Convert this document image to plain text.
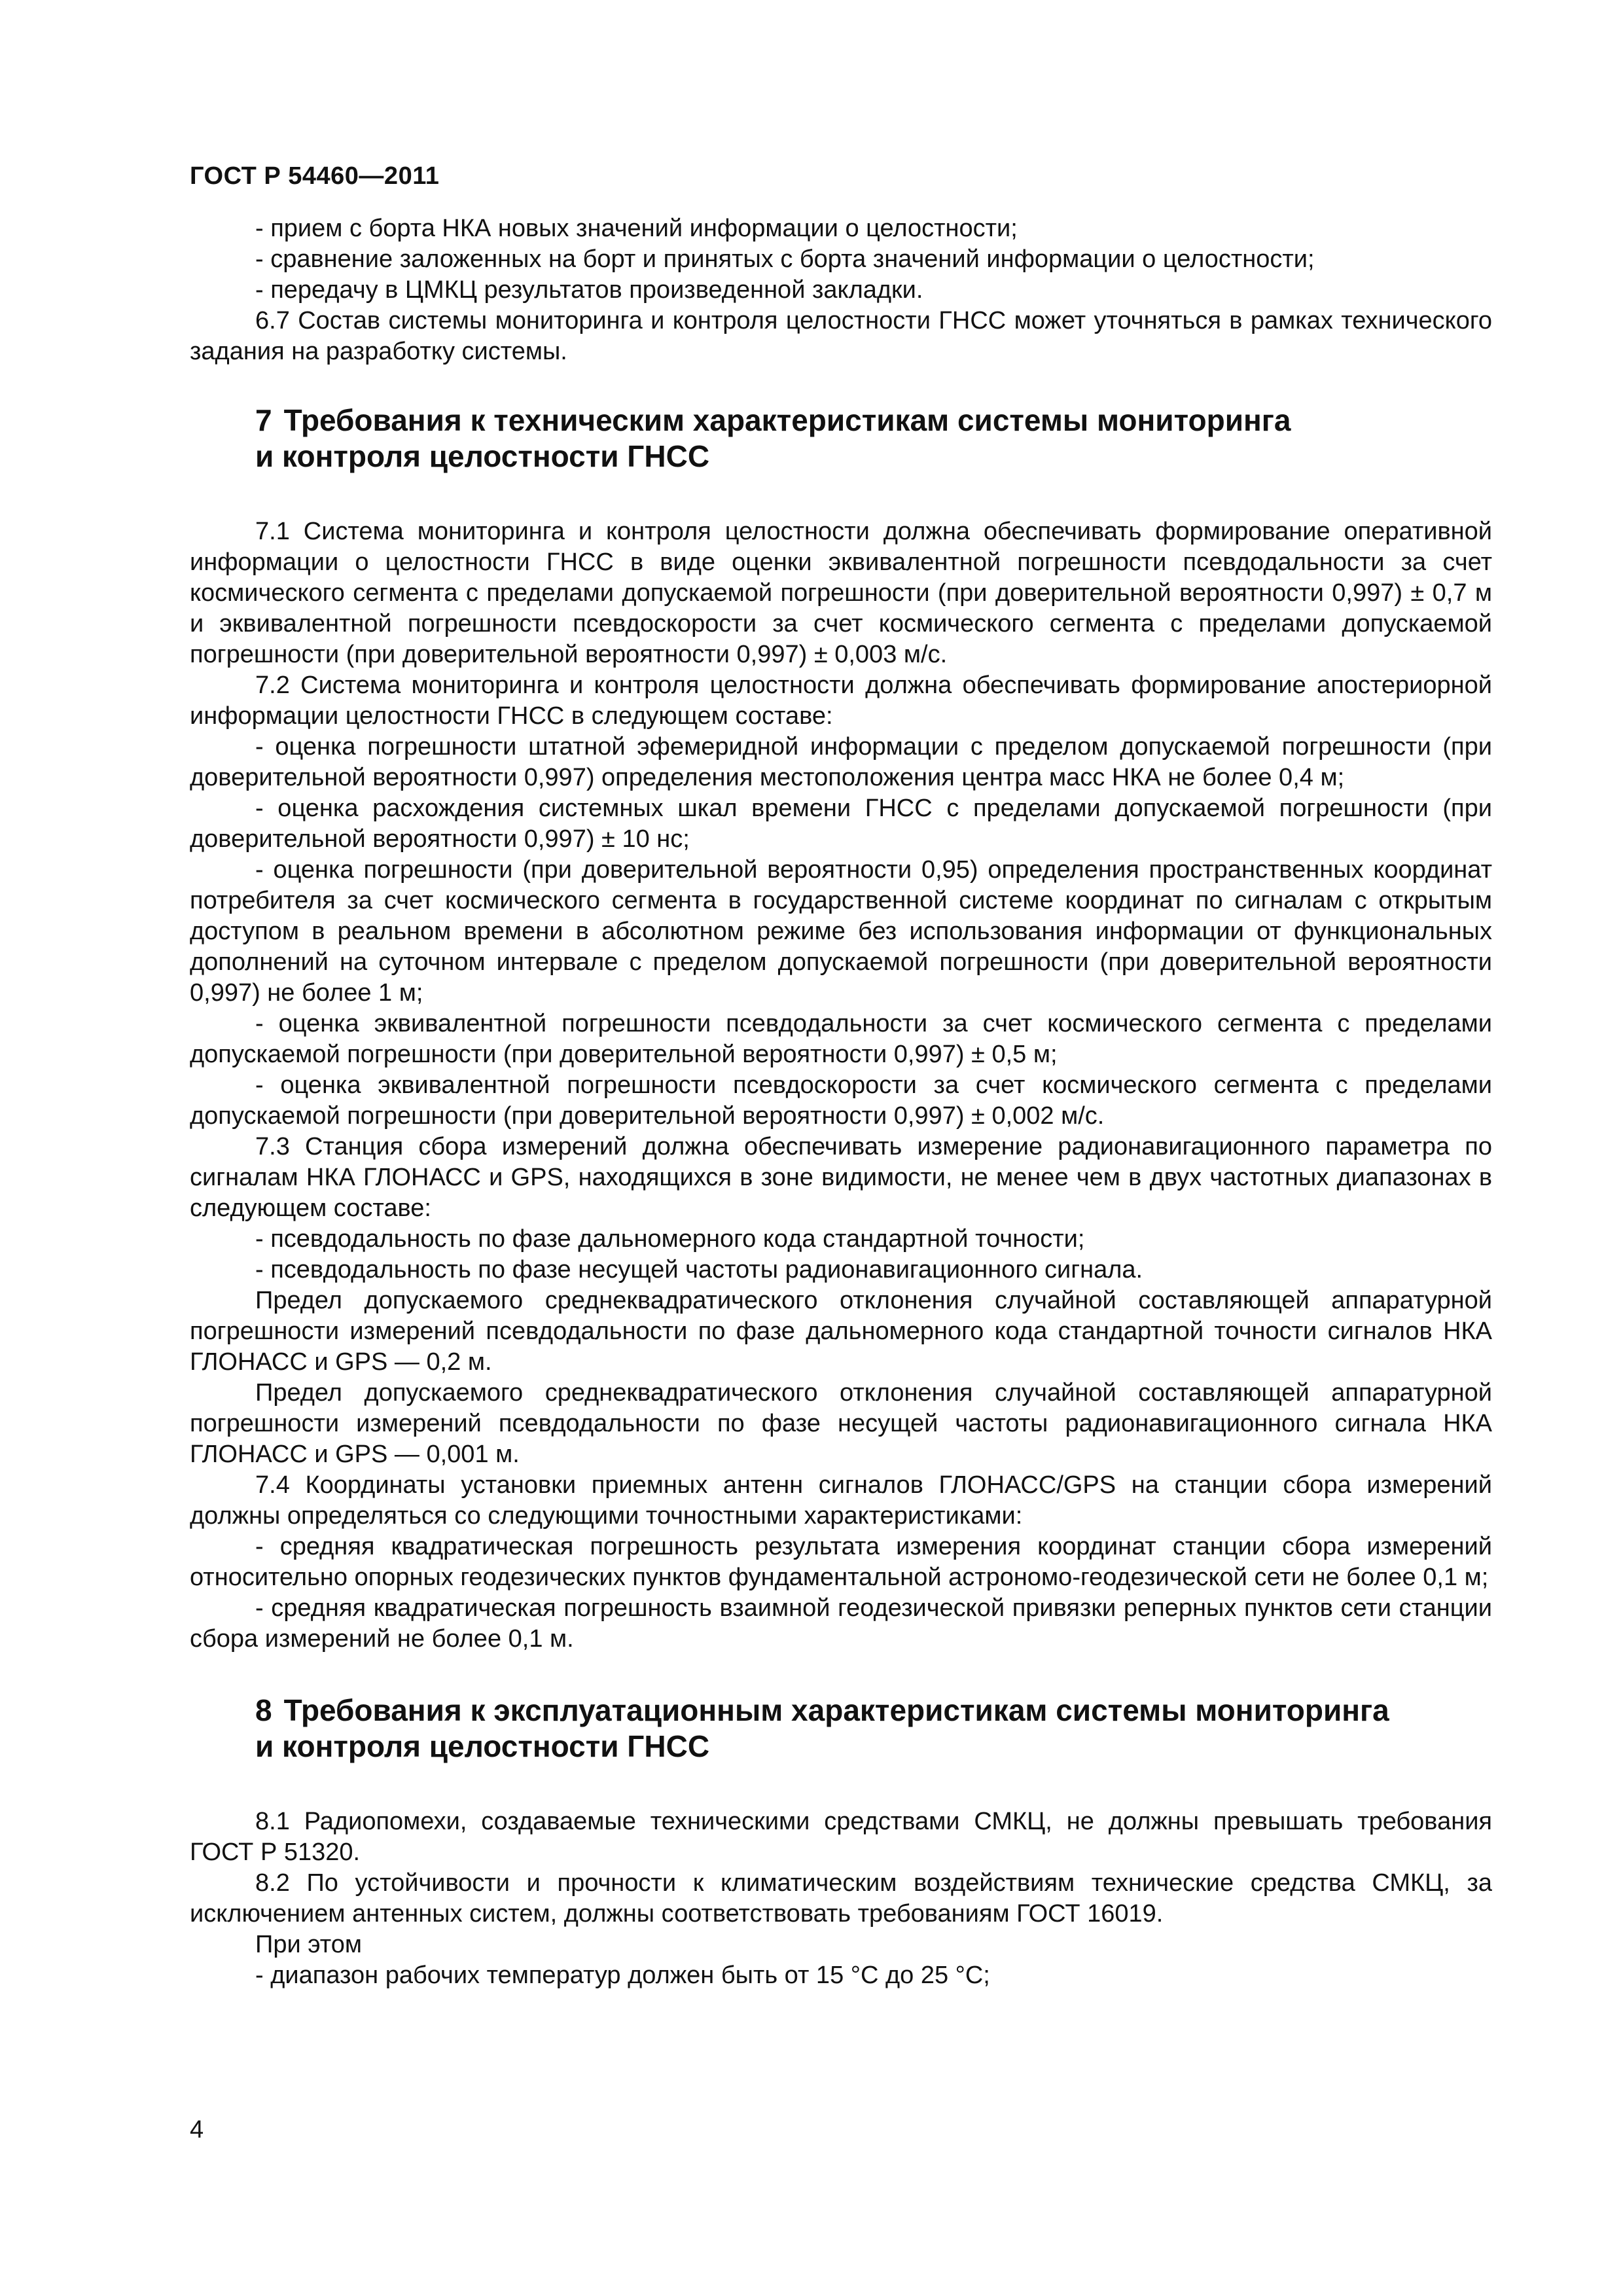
ГОСТ Р 54460—2011

- прием с борта НКА новых значений информации о целостности;

- сравнение заложенных на борт и принятых с борта значений информации о целостности;

- передачу в ЦМКЦ результатов произведенной закладки.

6.7 Состав системы мониторинга и контроля целостности ГНСС может уточняться в рамках технического задания на разработку системы.

7 Требования к техническим характеристикам системы мониторинга

и контроля целостности ГНСС

7.1 Система мониторинга и контроля целостности должна обеспечивать формирование оперативной информации о целостности ГНСС в виде оценки эквивалентной погрешности псевдодальности за счет космического сегмента с пределами допускаемой погрешности (при доверительной вероятности 0,997) ± 0,7 м и эквивалентной погрешности псевдоскорости за счет космического сегмента с пределами допускаемой погрешности (при доверительной вероятности 0,997) ± 0,003 м/с.

7.2 Система мониторинга и контроля целостности должна обеспечивать формирование апостериорной информации целостности ГНСС в следующем составе:

- оценка погрешности штатной эфемеридной информации с пределом допускаемой погрешности (при доверительной вероятности 0,997) определения местоположения центра масс НКА не более 0,4 м;

- оценка расхождения системных шкал времени ГНСС с пределами допускаемой погрешности (при доверительной вероятности 0,997) ± 10 нс;

- оценка погрешности (при доверительной вероятности 0,95) определения пространственных координат потребителя за счет космического сегмента в государственной системе координат по сигналам с открытым доступом в реальном времени в абсолютном режиме без использования информации от функциональных дополнений на суточном интервале с пределом допускаемой погрешности (при доверительной вероятности 0,997) не более 1 м;

- оценка эквивалентной погрешности псевдодальности за счет космического сегмента с пределами допускаемой погрешности (при доверительной вероятности 0,997) ± 0,5 м;

- оценка эквивалентной погрешности псевдоскорости за счет космического сегмента с пределами допускаемой погрешности (при доверительной вероятности 0,997) ± 0,002 м/с.

7.3 Станция сбора измерений должна обеспечивать измерение радионавигационного параметра по сигналам НКА ГЛОНАСС и GPS, находящихся в зоне видимости, не менее чем в двух частотных диапазонах в следующем составе:

- псевдодальность по фазе дальномерного кода стандартной точности;

- псевдодальность по фазе несущей частоты радионавигационного сигнала.

Предел допускаемого среднеквадратического отклонения случайной составляющей аппаратурной погрешности измерений псевдодальности по фазе дальномерного кода стандартной точности сигналов НКА ГЛОНАСС и GPS — 0,2 м.

Предел допускаемого среднеквадратического отклонения случайной составляющей аппаратурной погрешности измерений псевдодальности по фазе несущей частоты радионавигационного сигнала НКА ГЛОНАСС и GPS — 0,001 м.

7.4 Координаты установки приемных антенн сигналов ГЛОНАСС/GPS на станции сбора измерений должны определяться со следующими точностными характеристиками:

- средняя квадратическая погрешность результата измерения координат станции сбора измерений относительно опорных геодезических пунктов фундаментальной астрономо-геодезической сети не более 0,1 м;

- средняя квадратическая погрешность взаимной геодезической привязки реперных пунктов сети станции сбора измерений не более 0,1 м.

8 Требования к эксплуатационным характеристикам системы мониторинга

и контроля целостности ГНСС

8.1 Радиопомехи, создаваемые техническими средствами СМКЦ, не должны превышать требования ГОСТ Р 51320.

8.2 По устойчивости и прочности к климатическим воздействиям технические средства СМКЦ, за исключением антенных систем, должны соответствовать требованиям ГОСТ 16019.

При этом

- диапазон рабочих температур должен быть от 15 °С до 25 °С;

4
